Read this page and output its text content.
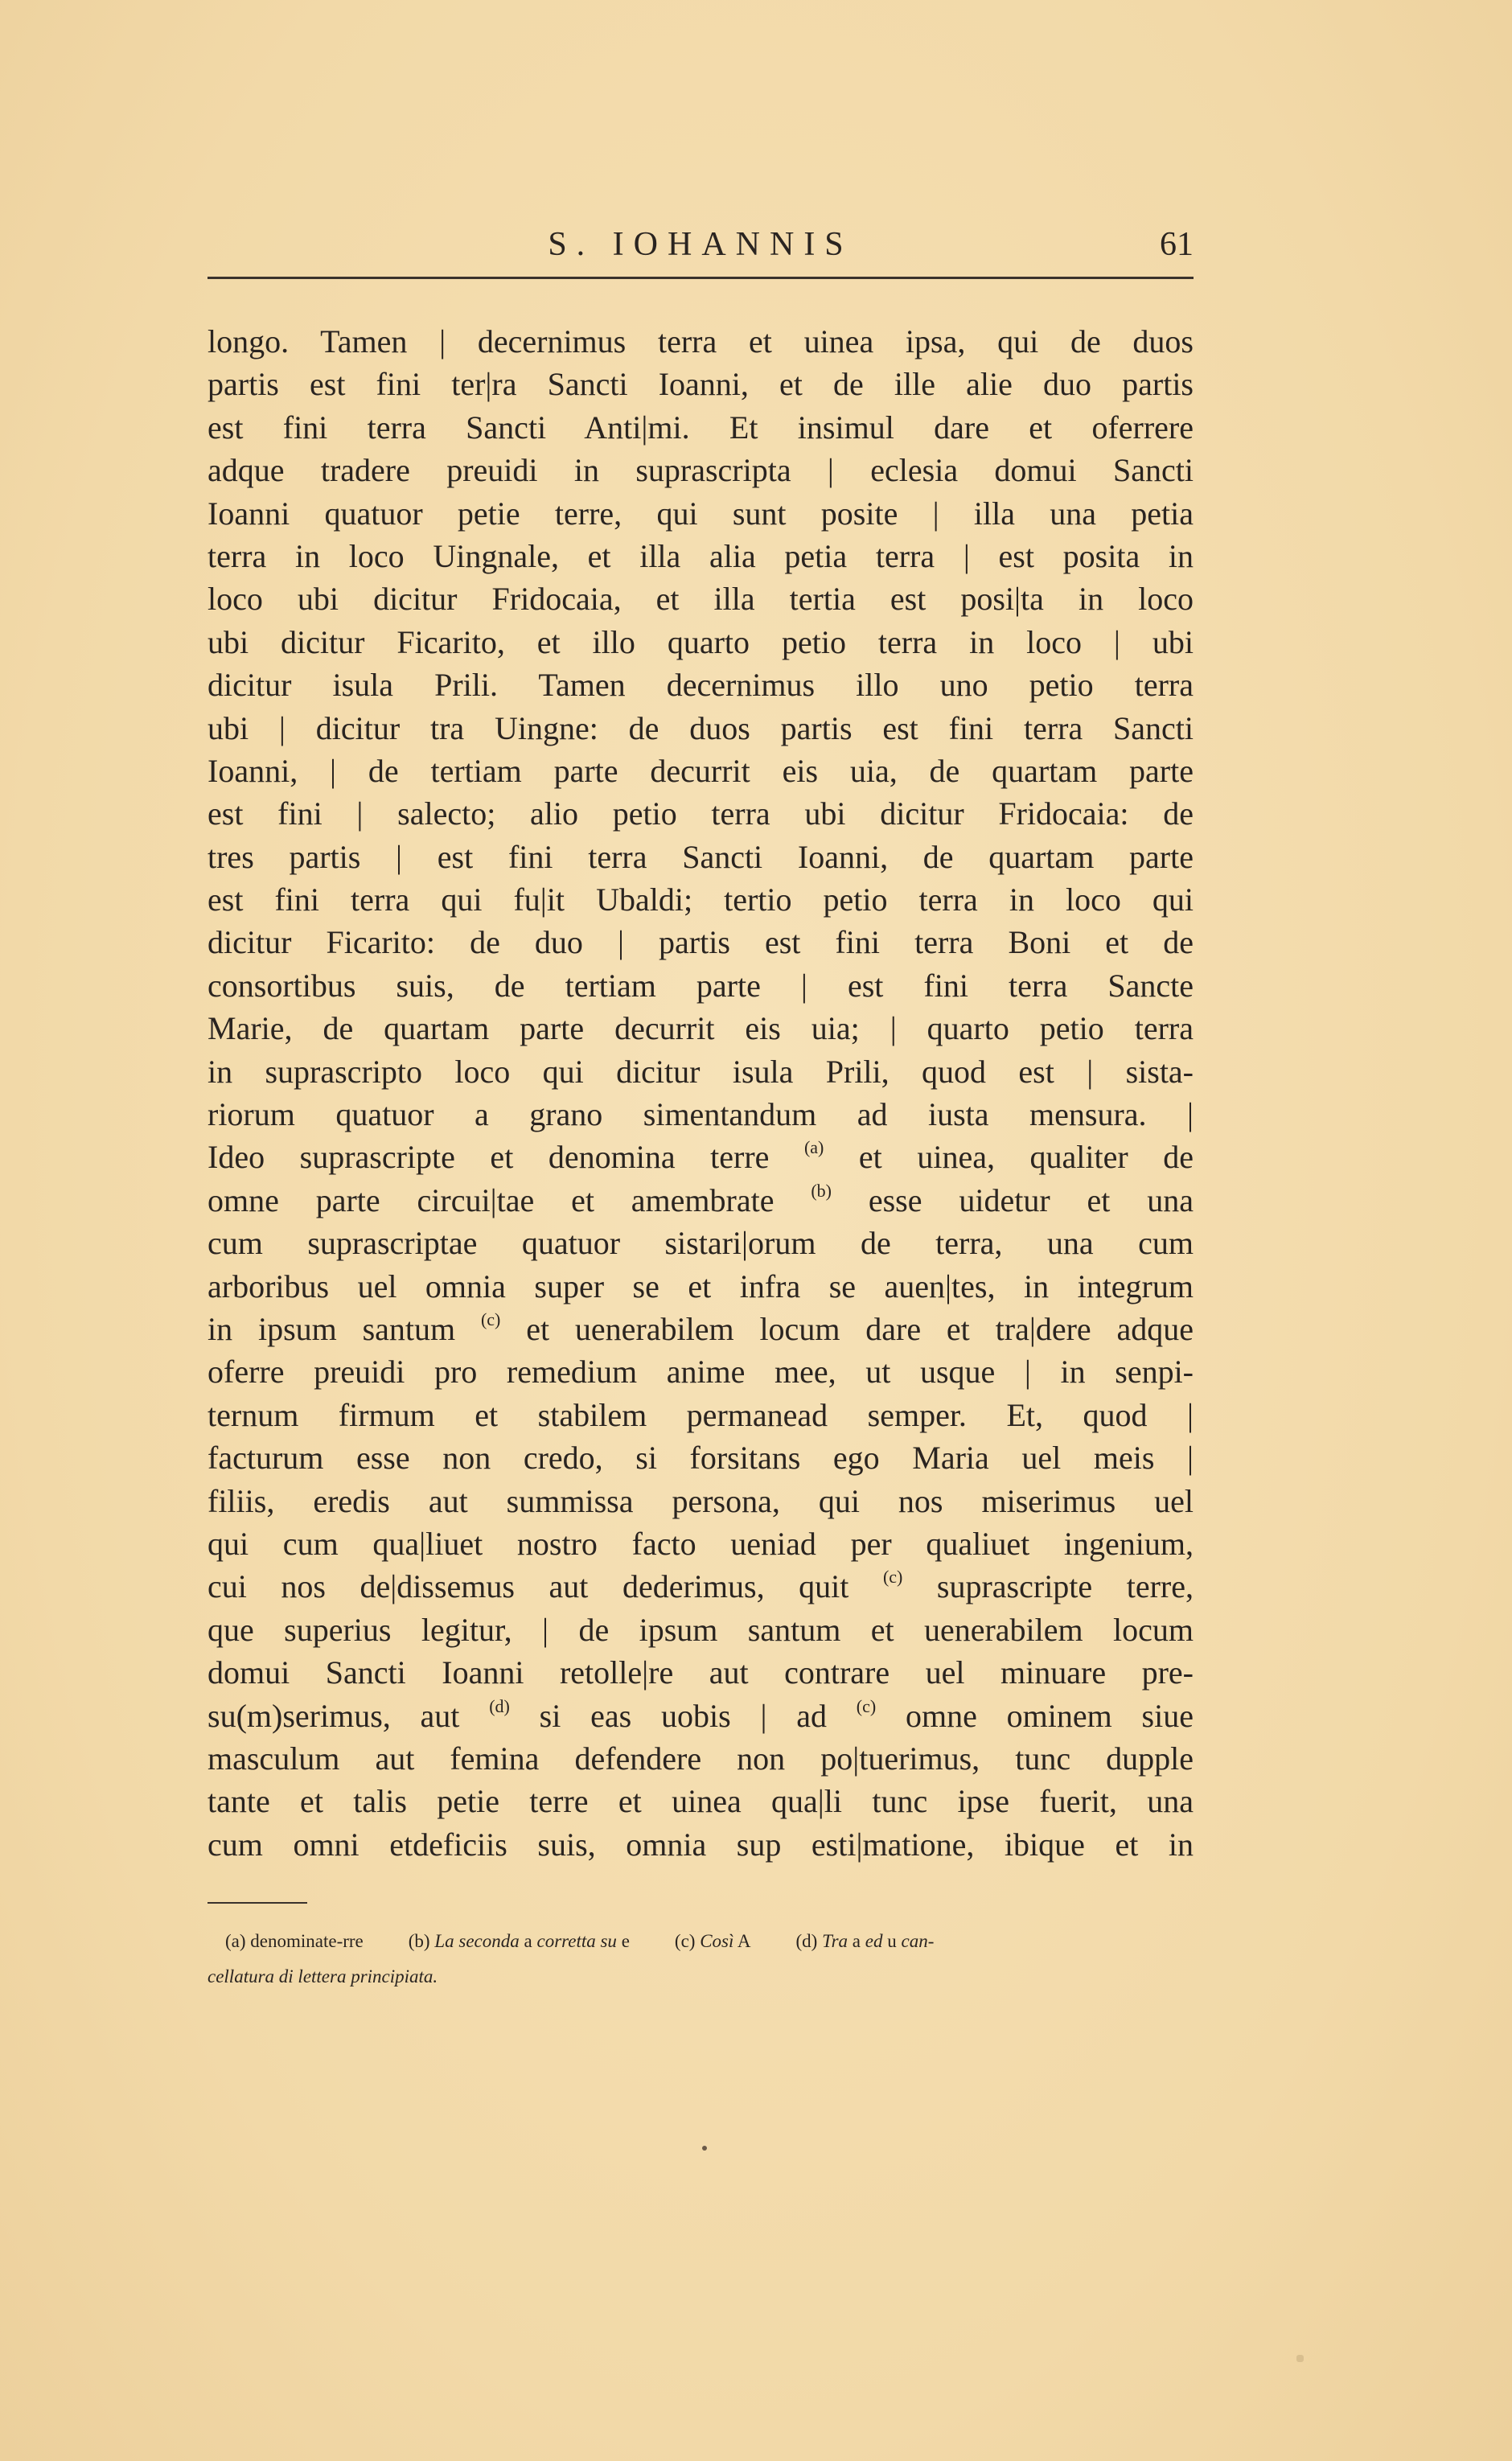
S. IOHANNIS	61
longo. Tamen | decernimus terra et uinea ipsa, qui de duos
partis est fini ter|ra Sancti Ioanni, et de ille alie duo partis
est fini terra Sancti Anti|mi. Et insimul dare et oferrere
adque tradere preuidi in suprascripta | eclesia domui Sancti
Ioanni quatuor petie terre, qui sunt posite | illa una petia
terra in loco Uingnale, et illa alia petia terra | est posita in
loco ubi dicitur Fridocaia, et illa tertia est posi|ta in loco
ubi dicitur Ficarito, et illo quarto petio terra in loco | ubi
dicitur isula Prili. Tamen decernimus illo uno petio terra
ubi | dicitur tra Uingne: de duos partis est fini terra Sancti
Ioanni, | de tertiam parte decurrit eis uia, de quartam parte
est fini | salecto; alio petio terra ubi dicitur Fridocaia: de
tres partis | est fini terra Sancti Ioanni, de quartam parte
est fini terra qui fu|it Ubaldi; tertio petio terra in loco qui
dicitur Ficarito: de duo | partis est fini terra Boni et de
consortibus suis, de tertiam parte | est fini terra Sancte
Marie, de quartam parte decurrit eis uia; | quarto petio terra
in suprascripto loco qui dicitur isula Prili, quod est | sista-
riorum quatuor a grano simentandum ad iusta mensura. |
Ideo suprascripte et denomina terre $^{(a)}$ et uinea, qualiter de
omne parte circui|tae et amembrate $^{(b)}$ esse uidetur et una
cum suprascriptae quatuor sistari|orum de terra, una cum
arboribus uel omnia super se et infra se auen|tes, in integrum
in ipsum santum $^{(c)}$ et uenerabilem locum dare et tra|dere adque
oferre preuidi pro remedium anime mee, ut usque | in senpi-
ternum firmum et stabilem permanead semper. Et, quod |
facturum esse non credo, si forsitans ego Maria uel meis |
filiis, eredis aut summissa persona, qui nos miserimus uel
qui cum qua|liuet nostro facto ueniad per qualiuet ingenium,
cui nos de|dissemus aut dederimus, quit $^{(c)}$ suprascripte terre,
que superius legitur, | de ipsum santum et uenerabilem locum
domui Sancti Ioanni retolle|re aut contrare uel minuare pre-
su(m)serimus, aut $^{(d)}$ si eas uobis | ad $^{(c)}$ omne ominem siue
masculum aut femina defendere non po|tuerimus, tunc dupple
tante et talis petie terre et uinea qua|li tunc ipse fuerit, una
cum omni etdeficiis suis, omnia sup esti|matione, ibique et in
(a) denominate-rre (b) La seconda a corretta su e (c) Così A (d) Tra a ed u can-
cellatura di lettera principiata.
